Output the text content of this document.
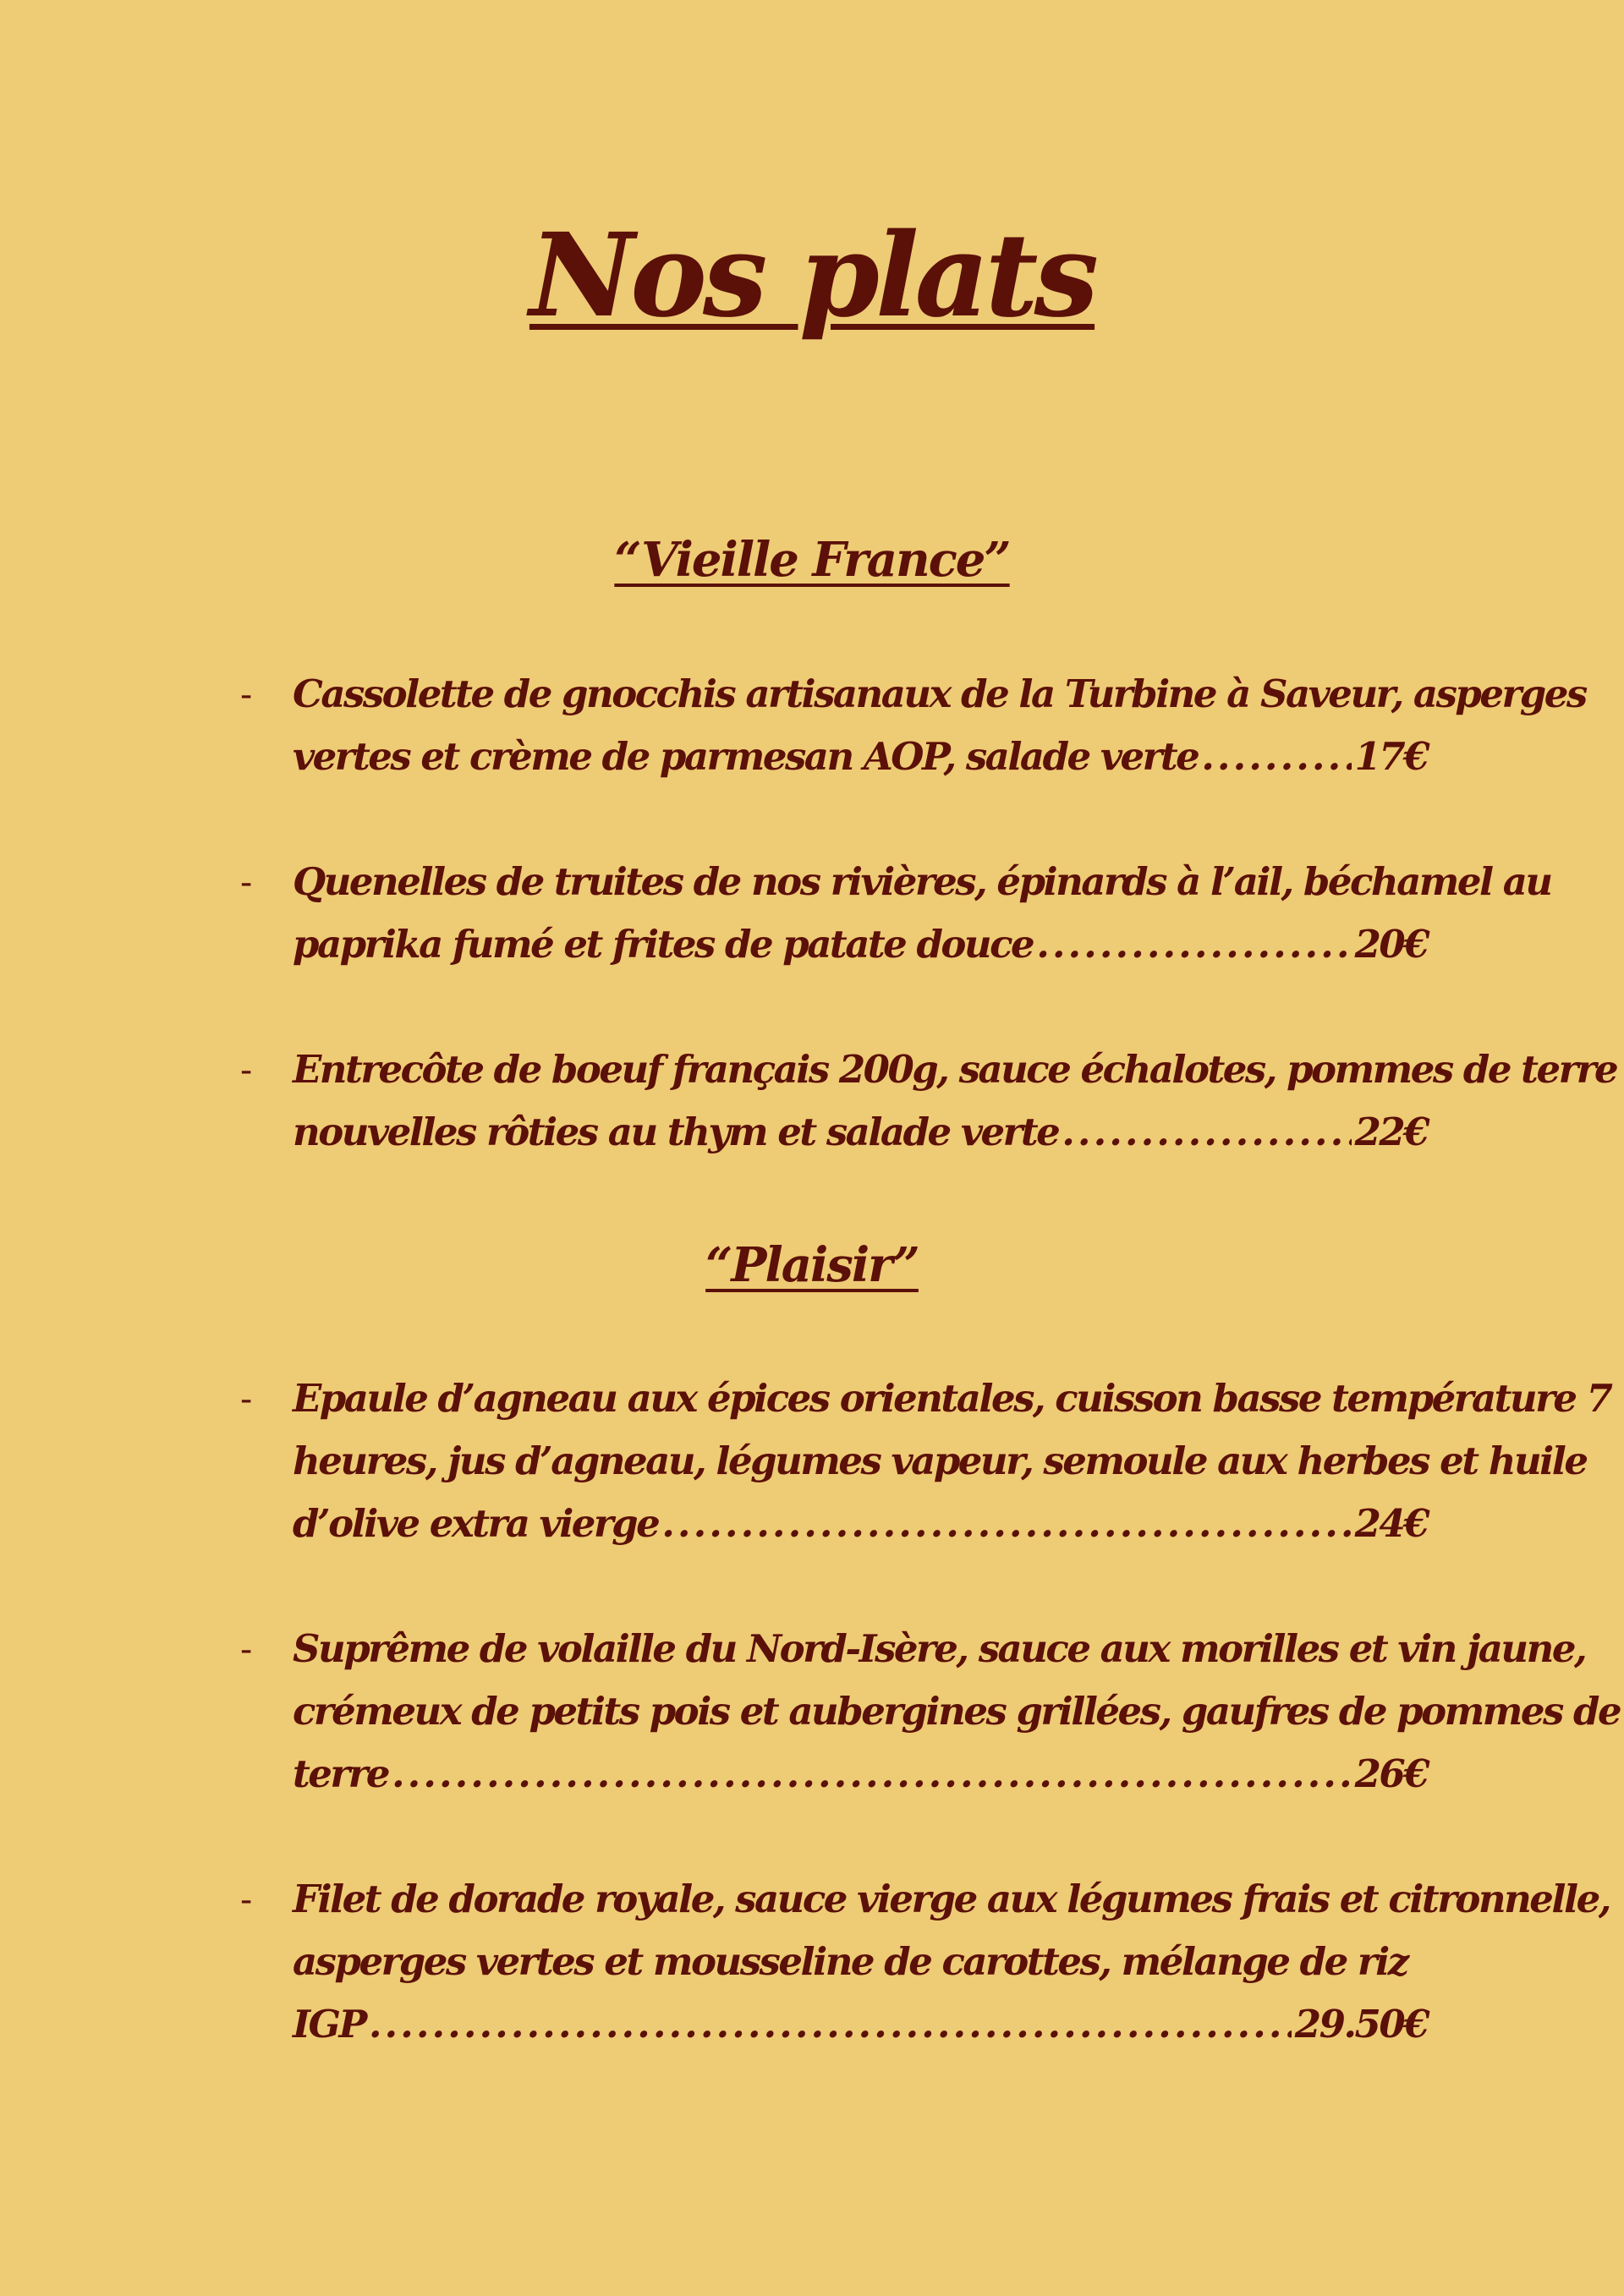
Nos plats
“Vieille France”
-	Cassolette de gnocchis artisanaux de la Turbine à Saveur, asperges
vertes et crème de parmesan AOP, salade verte .....	17€
-	Quenelles de truites de nos rivières, épinards à l’ail, béchamel au
paprika fumé et frites de patate douce .....	20€
-	Entrecôte de boeuf français 200g, sauce échalotes, pommes de terre
nouvelles rôties au thym et salade verte .....	22€
“Plaisir”
-	Epaule d’agneau aux épices orientales, cuisson basse température 7
heures, jus d’agneau, légumes vapeur, semoule aux herbes et huile
d’olive extra vierge .....	24€
-	Suprême de volaille du Nord-Isère, sauce aux morilles et vin jaune,
crémeux de petits pois et aubergines grillées, gaufres de pommes de
terre .....	26€
-	Filet de dorade royale, sauce vierge aux légumes frais et citronnelle,
asperges vertes et mousseline de carottes, mélange de riz
IGP .....	29.50€
